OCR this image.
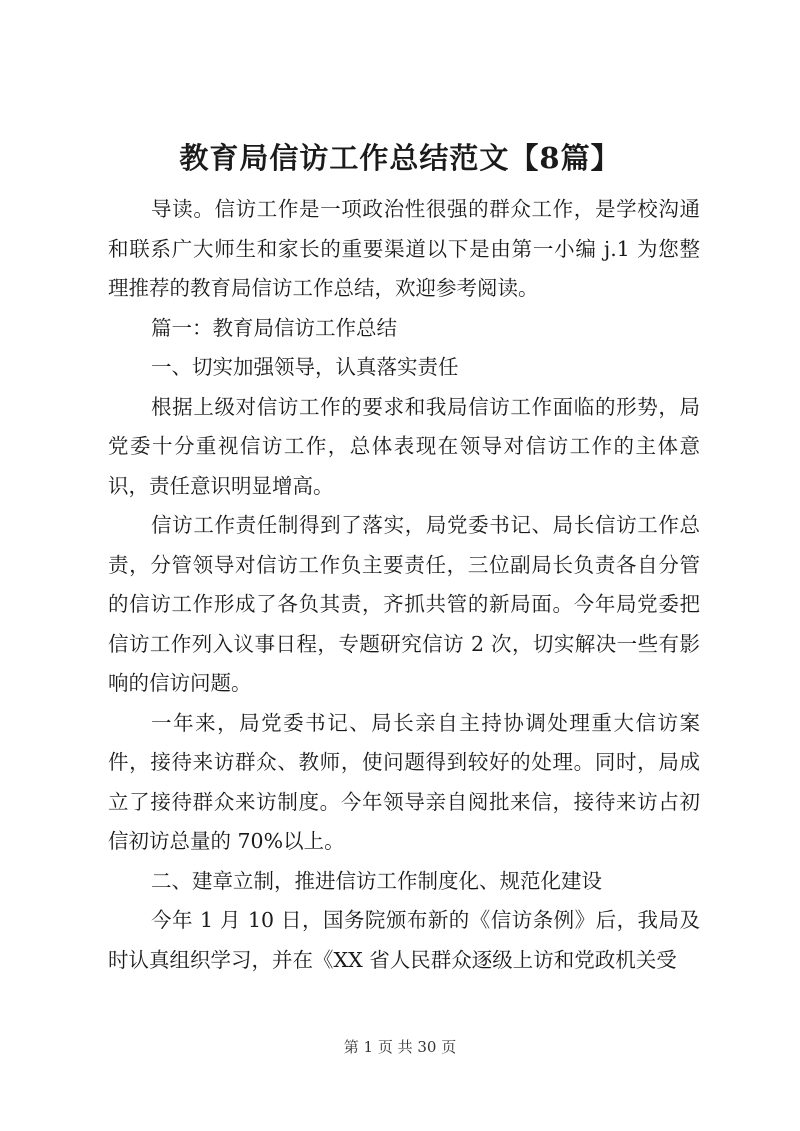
教育局信访工作总结范文【8篇】

导读。信访工作是一项政治性很强的群众工作，是学校沟通和联系广大师生和家长的重要渠道以下是由第一小编 j.1 为您整理推荐的教育局信访工作总结，欢迎参考阅读。

篇一：教育局信访工作总结

一、切实加强领导，认真落实责任

根据上级对信访工作的要求和我局信访工作面临的形势，局党委十分重视信访工作，总体表现在领导对信访工作的主体意识，责任意识明显增高。

信访工作责任制得到了落实，局党委书记、局长信访工作总责，分管领导对信访工作负主要责任，三位副局长负责各自分管的信访工作形成了各负其责，齐抓共管的新局面。今年局党委把信访工作列入议事日程，专题研究信访 2 次，切实解决一些有影响的信访问题。

一年来，局党委书记、局长亲自主持协调处理重大信访案件，接待来访群众、教师，使问题得到较好的处理。同时，局成立了接待群众来访制度。今年领导亲自阅批来信，接待来访占初信初访总量的 70%以上。

二、建章立制，推进信访工作制度化、规范化建设

今年 1 月 10 日，国务院颁布新的《信访条例》后，我局及时认真组织学习，并在《XX 省人民群众逐级上访和党政机关受

第 1 页 共 30 页
